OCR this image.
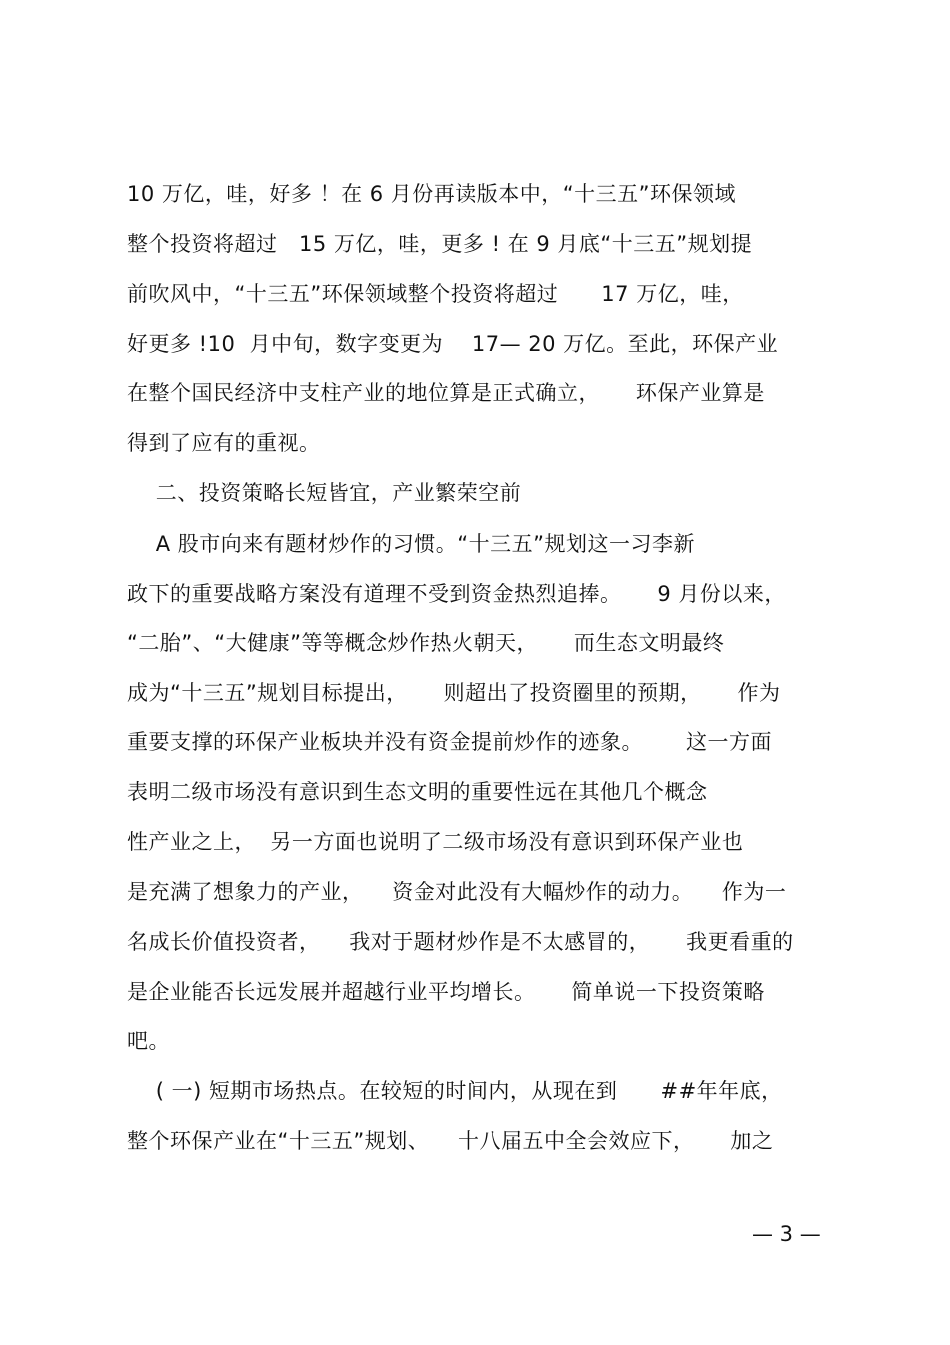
10 万亿，哇，好多 ！在 6 月份再读版本中，“十三五”环保领域
整个投资将超过   15 万亿，哇，更多 ! 在 9 月底“十三五”规划提
前吹风中，“十三五”环保领域整个投资将超过      17 万亿，哇，
好更多 !10  月中旬，数字变更为    17— 20 万亿。至此，环保产业
在整个国民经济中支柱产业的地位算是正式确立，     环保产业算是
得到了应有的重视。
二、投资策略长短皆宜，产业繁荣空前
A 股市向来有题材炒作的习惯。“十三五”规划这一习李新
政下的重要战略方案没有道理不受到资金热烈追捧。     9 月份以来，
“二胎”、“大健康”等等概念炒作热火朝天，     而生态文明最终
成为“十三五”规划目标提出，     则超出了投资圈里的预期，     作为
重要支撑的环保产业板块并没有资金提前炒作的迹象。      这一方面
表明二级市场没有意识到生态文明的重要性远在其他几个概念
性产业之上，  另一方面也说明了二级市场没有意识到环保产业也
是充满了想象力的产业，    资金对此没有大幅炒作的动力。    作为一
名成长价值投资者，    我对于题材炒作是不太感冒的，     我更看重的
是企业能否长远发展并超越行业平均增长。     简单说一下投资策略
吧。
( 一) 短期市场热点。在较短的时间内，从现在到      ##年年底，
整个环保产业在“十三五”规划、    十八届五中全会效应下，     加之
— 3 —
